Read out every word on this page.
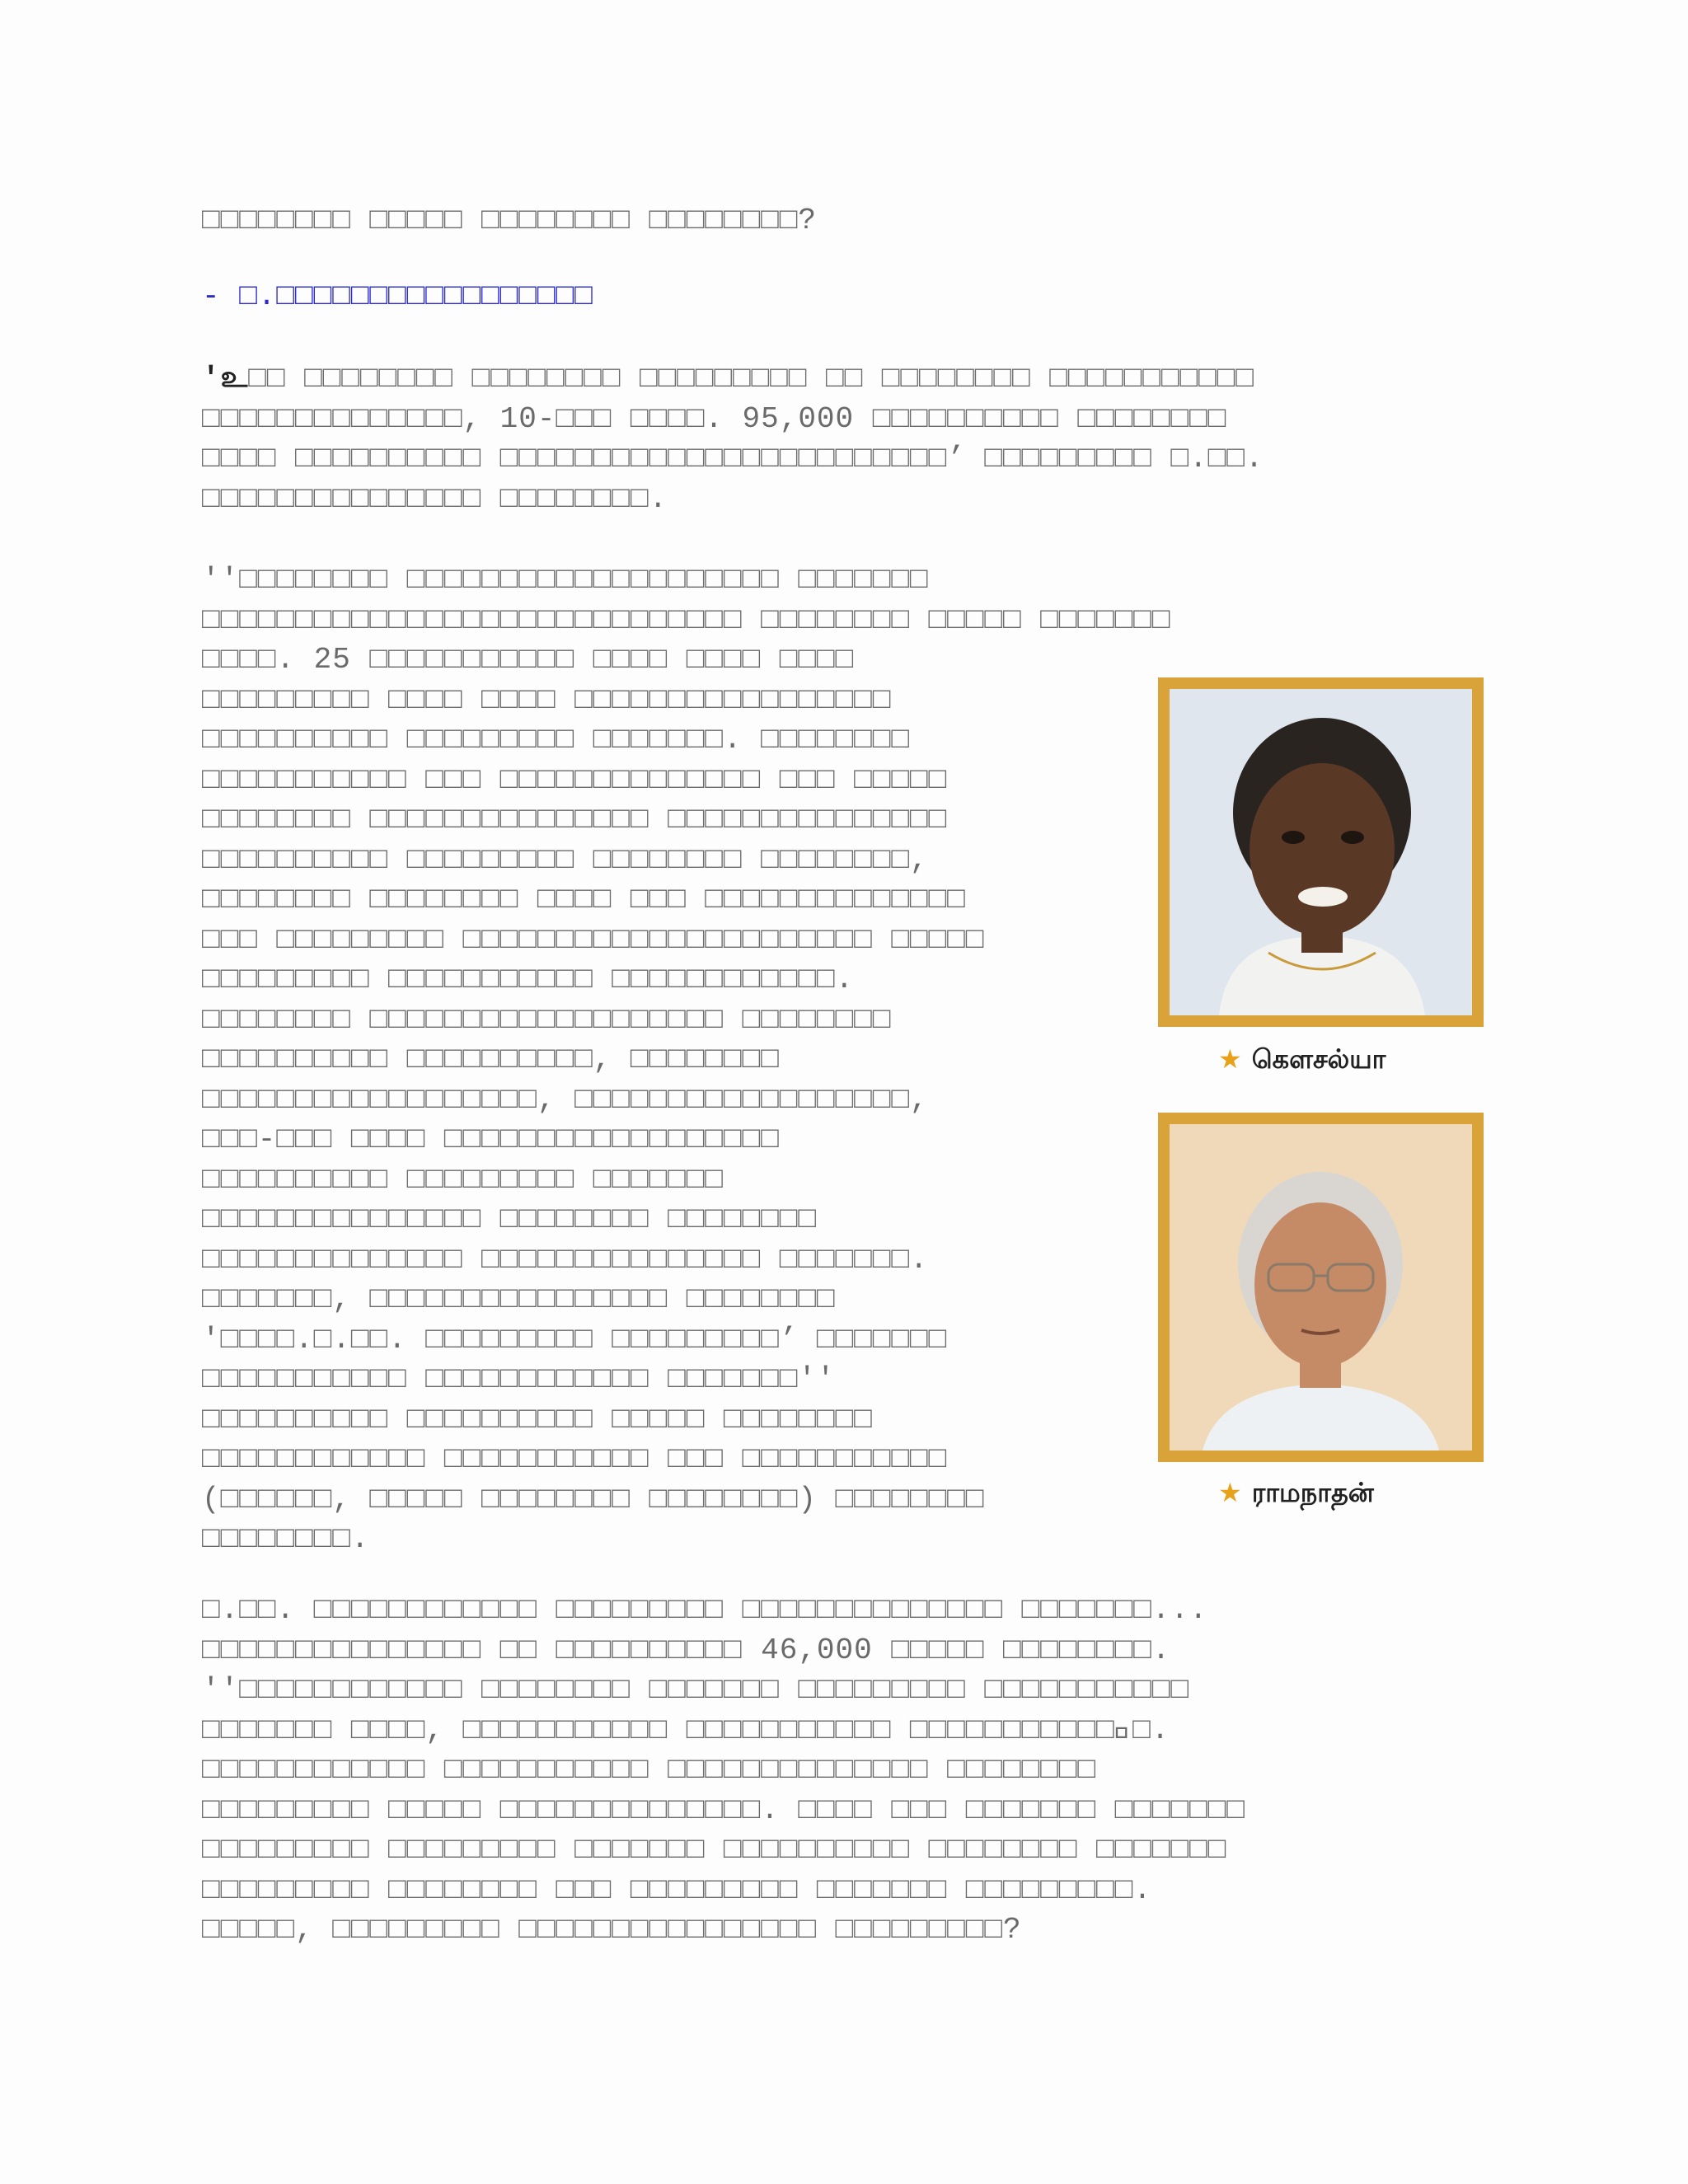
□□□□□□□□ □□□□□ □□□□□□□□ □□□□□□□□?
- □.□□□□□□□□□□□□□□□□□
'உ□□ □□□□□□□□ □□□□□□□□ □□□□□□□□□ □□ □□□□□□□□ □□□□□□□□□□□
□□□□□□□□□□□□□□, 10-□□□ □□□□. 95,000 □□□□□□□□□□ □□□□□□□□
□□□□ □□□□□□□□□□ □□□□□□□□□□□□□□□□□□□□□□□□’ □□□□□□□□□ □.□□.
□□□□□□□□□□□□□□□ □□□□□□□□.
''□□□□□□□□ □□□□□□□□□□□□□□□□□□□□ □□□□□□□
□□□□□□□□□□□□□□□□□□□□□□□□□□□□□ □□□□□□□□ □□□□□ □□□□□□□
□□□□. 25 □□□□□□□□□□□ □□□□ □□□□ □□□□
□□□□□□□□□ □□□□ □□□□ □□□□□□□□□□□□□□□□□
□□□□□□□□□□ □□□□□□□□□ □□□□□□□. □□□□□□□□
□□□□□□□□□□□ □□□ □□□□□□□□□□□□□□ □□□ □□□□□
□□□□□□□□ □□□□□□□□□□□□□□□ □□□□□□□□□□□□□□□
□□□□□□□□□□ □□□□□□□□□ □□□□□□□□ □□□□□□□□,
□□□□□□□□ □□□□□□□□ □□□□ □□□ □□□□□□□□□□□□□□
□□□ □□□□□□□□□ □□□□□□□□□□□□□□□□□□□□□□ □□□□□
□□□□□□□□□ □□□□□□□□□□□ □□□□□□□□□□□□.
□□□□□□□□ □□□□□□□□□□□□□□□□□□□ □□□□□□□□
□□□□□□□□□□ □□□□□□□□□□, □□□□□□□□
□□□□□□□□□□□□□□□□□□, □□□□□□□□□□□□□□□□□□,
□□□-□□□ □□□□ □□□□□□□□□□□□□□□□□□
□□□□□□□□□□ □□□□□□□□□ □□□□□□□
□□□□□□□□□□□□□□□ □□□□□□□□ □□□□□□□□
□□□□□□□□□□□□□□ □□□□□□□□□□□□□□□ □□□□□□□.
□□□□□□□, □□□□□□□□□□□□□□□□ □□□□□□□□
'□□□□.□.□□. □□□□□□□□□ □□□□□□□□□’ □□□□□□□
□□□□□□□□□□□ □□□□□□□□□□□□ □□□□□□□''
□□□□□□□□□□ □□□□□□□□□□ □□□□□ □□□□□□□□
□□□□□□□□□□□□ □□□□□□□□□□□ □□□ □□□□□□□□□□□
(□□□□□□, □□□□□ □□□□□□□□ □□□□□□□□) □□□□□□□□
□□□□□□□□.
★ கௌசல்யா
★ ராமநாதன்
□.□□. □□□□□□□□□□□□ □□□□□□□□□ □□□□□□□□□□□□□□ □□□□□□□...
□□□□□□□□□□□□□□□ □□ □□□□□□□□□□ 46,000 □□□□□ □□□□□□□□.
''□□□□□□□□□□□□ □□□□□□□□ □□□□□□□ □□□□□□□□□ □□□□□□□□□□□
□□□□□□□ □□□□, □□□□□□□□□□□ □□□□□□□□□□□ □□□□□□□□□□□ி□.
□□□□□□□□□□□□ □□□□□□□□□□□ □□□□□□□□□□□□□□ □□□□□□□□
□□□□□□□□□ □□□□□ □□□□□□□□□□□□□□. □□□□ □□□ □□□□□□□ □□□□□□□
□□□□□□□□□ □□□□□□□□□ □□□□□□□ □□□□□□□□□□ □□□□□□□□ □□□□□□□
□□□□□□□□□ □□□□□□□□ □□□ □□□□□□□□□ □□□□□□□ □□□□□□□□□.
□□□□□, □□□□□□□□□ □□□□□□□□□□□□□□□□ □□□□□□□□□?
